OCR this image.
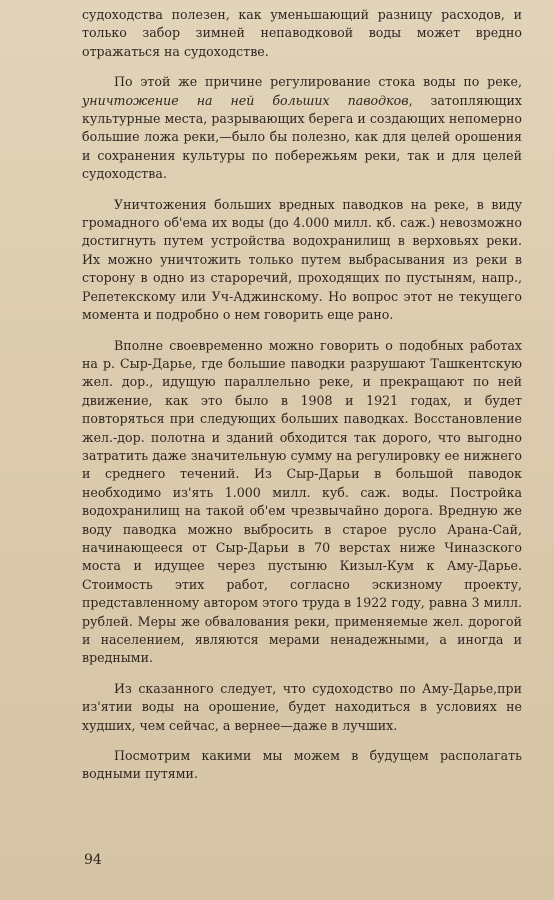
судоходства полезен, как уменьшающий разницу расходов, и только забор зимней непаводковой воды может вредно отражаться на судоходстве.

По этой же причине регулирование стока воды по реке, уничтожение на ней больших паводков, затопляющих культурные места, разрывающих берега и создающих непомерно большие ложа реки,—было бы полезно, как для целей орошения и сохранения культуры по побережьям реки, так и для целей судоходства.

Уничтожения больших вредных паводков на реке, в виду громадного об'ема их воды (до 4.000 милл. кб. саж.) невозможно достигнуть путем устройства водохранилищ в верховьях реки. Их можно уничтожить только путем выбрасывания из реки в сторону в одно из староречий, проходящих по пустыням, напр., Репетекскому или Уч-Аджинскому. Но вопрос этот не текущего момента и подробно о нем говорить еще рано.

Вполне своевременно можно говорить о подобных работах на р. Сыр-Дарье, где большие паводки разрушают Ташкентскую жел. дор., идущую параллельно реке, и прекращают по ней движение, как это было в 1908 и 1921 годах, и будет повторяться при следующих больших паводках. Восстановление жел.-дор. полотна и зданий обходится так дорого, что выгодно затратить даже значительную сумму на регулировку ее нижнего и среднего течений. Из Сыр-Дарьи в большой паводок необходимо из'ять 1.000 милл. куб. саж. воды. Постройка водохранилищ на такой об'ем чрезвычайно дорога. Вредную же воду паводка можно выбросить в старое русло Арана-Сай, начинающееся от Сыр-Дарьи в 70 верстах ниже Чиназского моста и идущее через пустыню Кизыл-Кум к Аму-Дарье. Стоимость этих работ, согласно эскизному проекту, представленному автором этого труда в 1922 году, равна 3 милл. рублей. Меры же обвалования реки, применяемые жел. дорогой и населением, являются мерами ненадежными, а иногда и вредными.

Из сказанного следует, что судоходство по Аму-Дарье,при из'ятии воды на орошение, будет находиться в условиях не худших, чем сейчас, а вернее—даже в лучших.

Посмотрим какими мы можем в будущем располагать водными путями.

94
